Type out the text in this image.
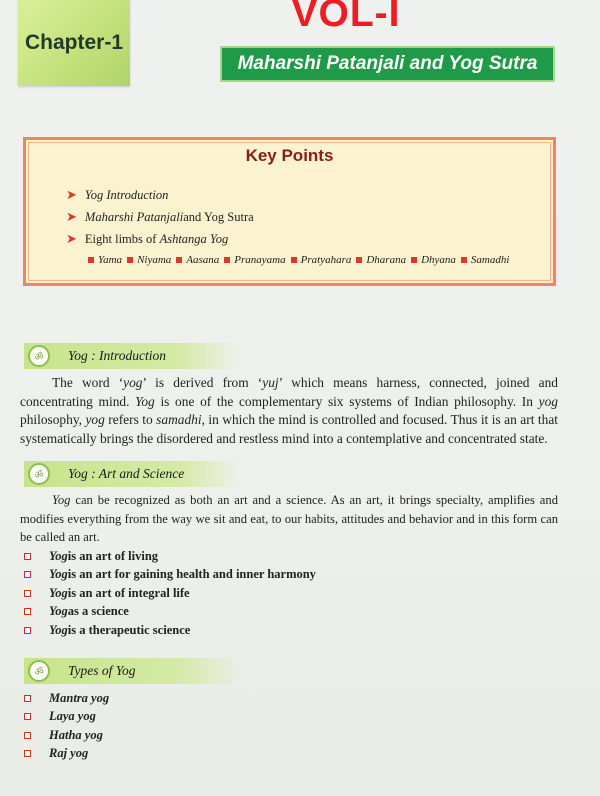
Chapter-1
VOL-I
Maharshi Patanjali and Yog Sutra
Key Points
➤ Yog Introduction
➤ Maharshi Patanjali and Yog Sutra
➤ Eight limbs of
Ashtanga Yog
Yama Niyama Aasana Pranayama Pratyahara Dharana Dhyana Samadhi
ॐ	Yog : Introduction

The word ‘yog’ is derived from ‘yuj’ which means harness, connected, joined and concentrating mind. Yog is one of the complementary six systems of Indian philosophy. In yog philosophy, yog refers to samadhi, in which the mind is controlled and focused. Thus it is an art that systematically brings the disordered and restless mind into a contemplative and concentrated state.

ॐ	Yog : Art and Science

Yog can be recognized as both an art and a science. As an art, it brings specialty, amplifies and modifies everything from the way we sit and eat, to our habits, attitudes and behavior and in this form can be called an art.

Yog is an art of living
Yog is an art for gaining health and inner harmony
Yog is an art of integral life
Yog as a science
Yog is a therapeutic science
ॐ	Types of Yog
Mantra yog
Laya yog
Hatha yog
Raj yog
